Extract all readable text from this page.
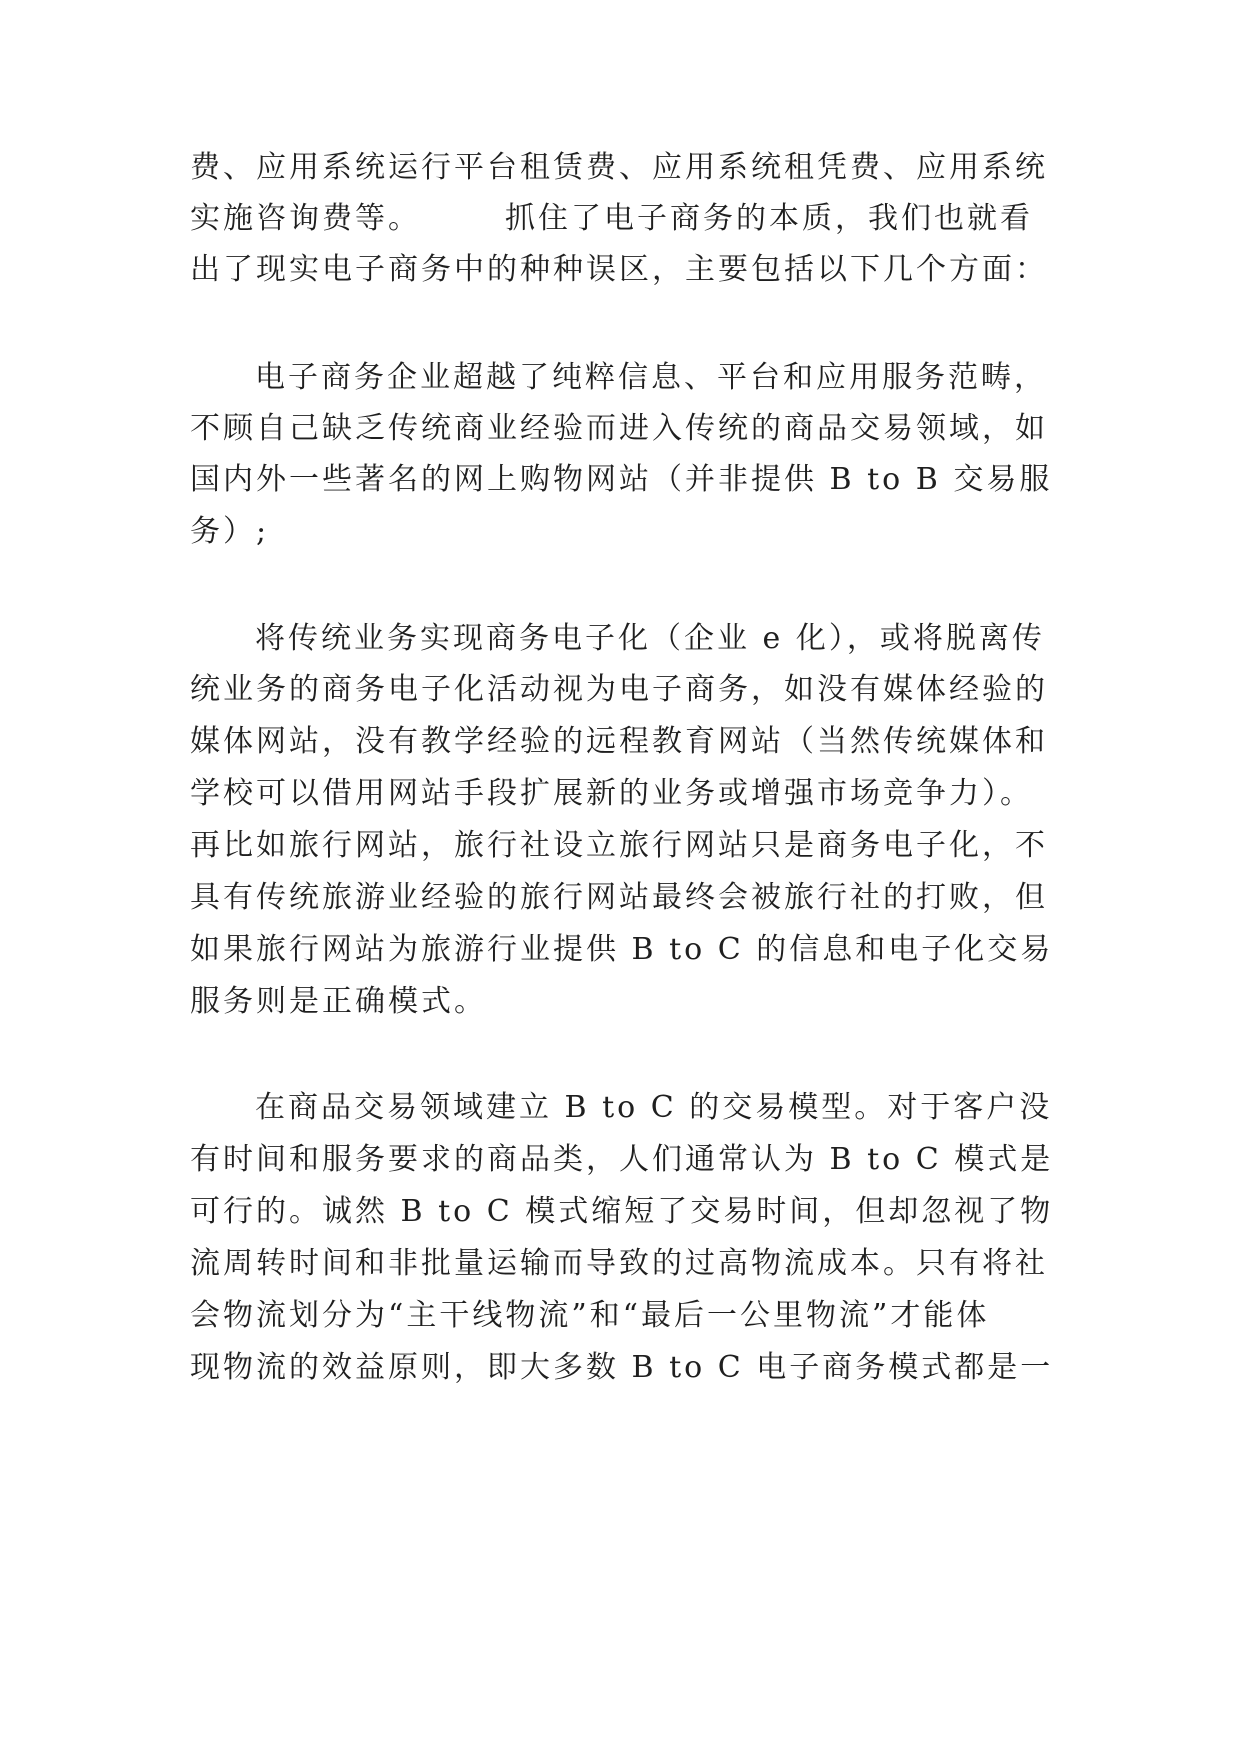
费、应用系统运行平台租赁费、应用系统租凭费、应用系统
实施咨询费等。　　　抓住了电子商务的本质，我们也就看
出了现实电子商务中的种种误区，主要包括以下几个方面：
电子商务企业超越了纯粹信息、平台和应用服务范畴，
不顾自己缺乏传统商业经验而进入传统的商品交易领域，如
国内外一些著名的网上购物网站（并非提供 B to B 交易服
务）;
将传统业务实现商务电子化（企业 e 化），或将脱离传
统业务的商务电子化活动视为电子商务，如没有媒体经验的
媒体网站，没有教学经验的远程教育网站（当然传统媒体和
学校可以借用网站手段扩展新的业务或增强市场竞争力）。
再比如旅行网站，旅行社设立旅行网站只是商务电子化，不
具有传统旅游业经验的旅行网站最终会被旅行社的打败，但
如果旅行网站为旅游行业提供 B to C 的信息和电子化交易
服务则是正确模式。
在商品交易领域建立 B to C 的交易模型。对于客户没
有时间和服务要求的商品类，人们通常认为 B to C 模式是
可行的。诚然 B to C 模式缩短了交易时间，但却忽视了物
流周转时间和非批量运输而导致的过高物流成本。只有将社
会物流划分为“主干线物流”和“最后一公里物流”才能体
现物流的效益原则，即大多数 B to C 电子商务模式都是一
